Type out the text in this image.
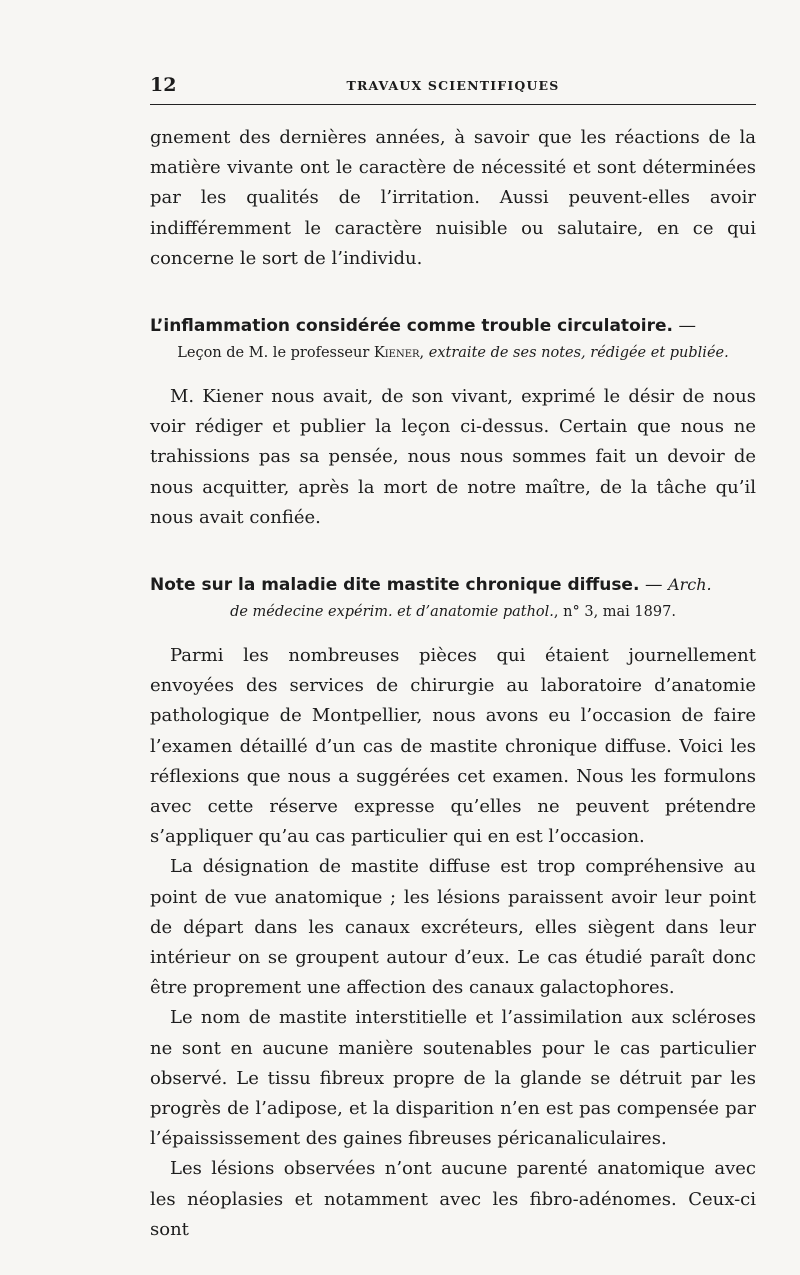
12	TRAVAUX SCIENTIFIQUES

gnement des dernières années, à savoir que les réactions de la matière vivante ont le caractère de nécessité et sont déterminées par les qualités de l’irritation. Aussi peuvent-elles avoir indifféremment le caractère nuisible ou salutaire, en ce qui concerne le sort de l’individu.

L’inflammation considérée comme trouble circulatoire. —

Leçon de M. le professeur Kiener, extraite de ses notes, rédigée et publiée.

M. Kiener nous avait, de son vivant, exprimé le désir de nous voir rédiger et publier la leçon ci-dessus. Certain que nous ne trahissions pas sa pensée, nous nous sommes fait un devoir de nous acquitter, après la mort de notre maître, de la tâche qu’il nous avait confiée.

Note sur la maladie dite mastite chronique diffuse. — Arch.

de médecine expérim. et d’anatomie pathol., n° 3, mai 1897.

Parmi les nombreuses pièces qui étaient journellement envoyées des services de chirurgie au laboratoire d’anatomie pathologique de Montpellier, nous avons eu l’occasion de faire l’examen détaillé d’un cas de mastite chronique diffuse. Voici les réflexions que nous a suggérées cet examen. Nous les formulons avec cette réserve expresse qu’elles ne peuvent prétendre s’appliquer qu’au cas particulier qui en est l’occasion.

La désignation de mastite diffuse est trop compréhensive au point de vue anatomique ; les lésions paraissent avoir leur point de départ dans les canaux excréteurs, elles siègent dans leur intérieur on se groupent autour d’eux. Le cas étudié paraît donc être proprement une affection des canaux galactophores.

Le nom de mastite interstitielle et l’assimilation aux scléroses ne sont en aucune manière soutenables pour le cas particulier observé. Le tissu fibreux propre de la glande se détruit par les progrès de l’adipose, et la disparition n’en est pas compensée par l’épaississement des gaines fibreuses péricanaliculaires.

Les lésions observées n’ont aucune parenté anatomique avec les néoplasies et notamment avec les fibro-adénomes. Ceux-ci sont
